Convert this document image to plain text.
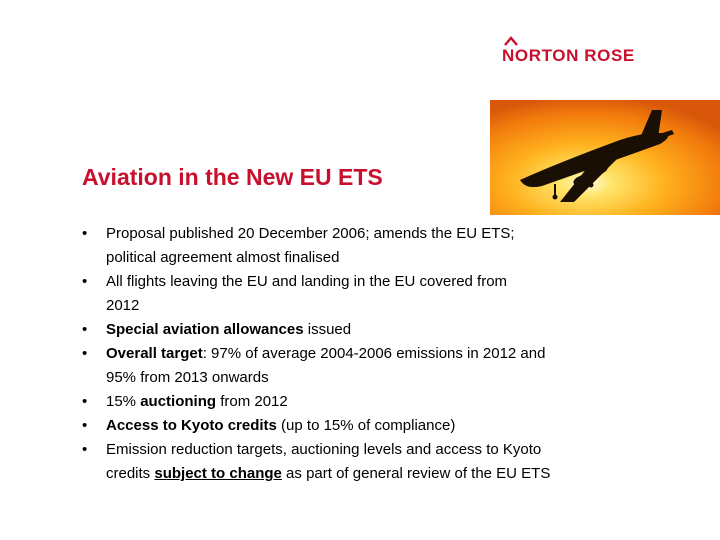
NORTON ROSE
Aviation in the New EU ETS
• Proposal published 20 December 2006; amends the EU ETS;
political agreement almost finalised
• All flights leaving the EU and landing in the EU covered from
2012
• Special aviation allowances issued
• Overall target: 97% of average 2004-2006 emissions in 2012 and
95% from 2013 onwards
• 15% auctioning from 2012
• Access to Kyoto credits (up to 15% of compliance)
• Emission reduction targets, auctioning levels and access to Kyoto
credits subject to change as part of general review of the EU ETS
